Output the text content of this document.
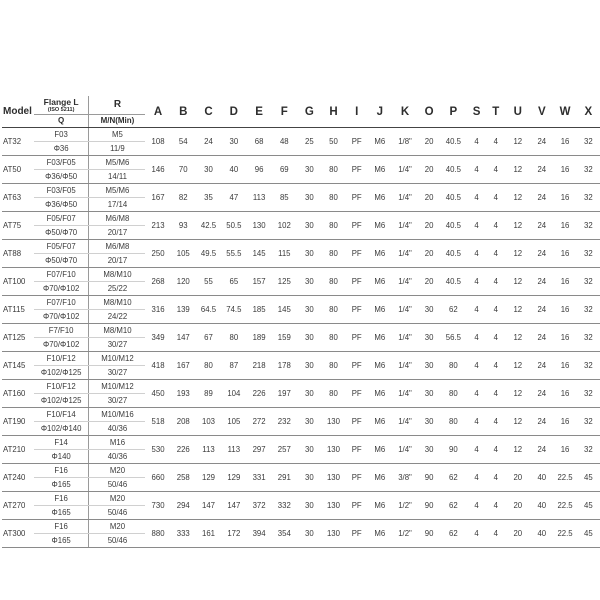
Model	Flange L
(ISO 5211)	R	A	B	C	D	E	F	G	H	I	J	K	O	P	S	T	U	V	W	X
	Q	M/N(Min)																			
AT32	F03	M5	108	54	24	30	68	48	25	50	PF	M6	1/8"	20	40.5	4	4	12	24	16	32
	Φ36	11/9																			
AT50	F03/F05	M5/M6	146	70	30	40	96	69	30	80	PF	M6	1/4"	20	40.5	4	4	12	24	16	32
	Φ36/Φ50	14/11																			
AT63	F03/F05	M5/M6	167	82	35	47	113	85	30	80	PF	M6	1/4"	20	40.5	4	4	12	24	16	32
	Φ36/Φ50	17/14																			
AT75	F05/F07	M6/M8	213	93	42.5	50.5	130	102	30	80	PF	M6	1/4"	20	40.5	4	4	12	24	16	32
	Φ50/Φ70	20/17																			
AT88	F05/F07	M6/M8	250	105	49.5	55.5	145	115	30	80	PF	M6	1/4"	20	40.5	4	4	12	24	16	32
	Φ50/Φ70	20/17																			
AT100	F07/F10	M8/M10	268	120	55	65	157	125	30	80	PF	M6	1/4"	20	40.5	4	4	12	24	16	32
	Φ70/Φ102	25/22																			
AT115	F07/F10	M8/M10	316	139	64.5	74.5	185	145	30	80	PF	M6	1/4"	30	62	4	4	12	24	16	32
	Φ70/Φ102	24/22																			
AT125	F7/F10	M8/M10	349	147	67	80	189	159	30	80	PF	M6	1/4"	30	56.5	4	4	12	24	16	32
	Φ70/Φ102	30/27																			
AT145	F10/F12	M10/M12	418	167	80	87	218	178	30	80	PF	M6	1/4"	30	80	4	4	12	24	16	32
	Φ102/Φ125	30/27																			
AT160	F10/F12	M10/M12	450	193	89	104	226	197	30	80	PF	M6	1/4"	30	80	4	4	12	24	16	32
	Φ102/Φ125	30/27																			
AT190	F10/F14	M10/M16	518	208	103	105	272	232	30	130	PF	M6	1/4"	30	80	4	4	12	24	16	32
	Φ102/Φ140	40/36																			
AT210	F14	M16	530	226	113	113	297	257	30	130	PF	M6	1/4"	30	90	4	4	12	24	16	32
	Φ140	40/36																			
AT240	F16	M20	660	258	129	129	331	291	30	130	PF	M6	3/8"	90	62	4	4	20	40	22.5	45
	Φ165	50/46																			
AT270	F16	M20	730	294	147	147	372	332	30	130	PF	M6	1/2"	90	62	4	4	20	40	22.5	45
	Φ165	50/46																			
AT300	F16	M20	880	333	161	172	394	354	30	130	PF	M6	1/2"	90	62	4	4	20	40	22.5	45
	Φ165	50/46																			
